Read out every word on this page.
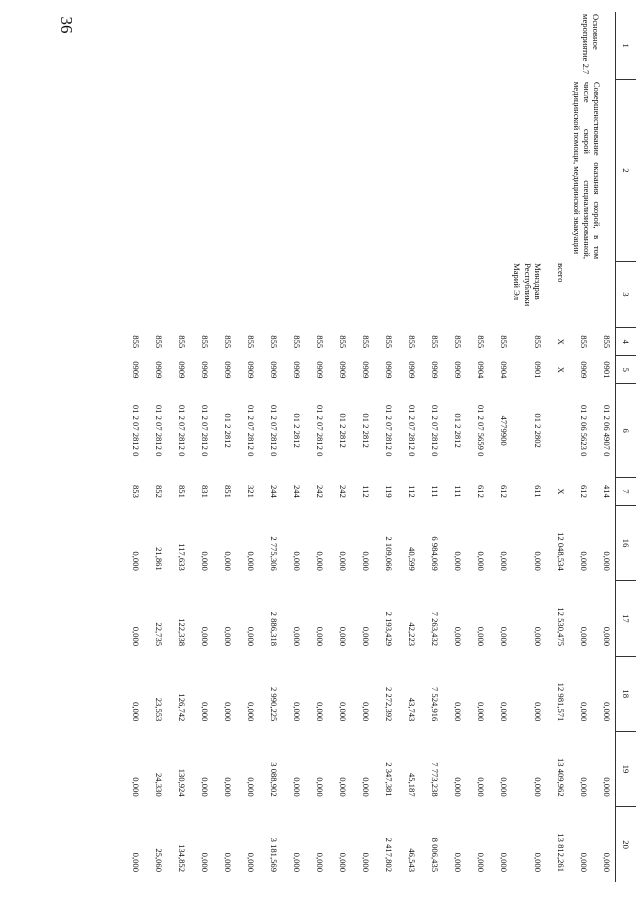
36
1	2	3	4	5	6	7	16	17	18	19	20
Основное мероприятие 2.7	Совершенствование оказания скорой, в том числе скорой специализированной, медицинской помощи, медицинской эвакуации		855	0901	01 2 06 4907 0	414	0,000	0,000	0,000	0,000	0,000
			855	0909	01 2 06 5623 0	612	0,000	0,000	0,000	0,000	0,000
		всего	Х	Х		Х	12 048,534	12 530,475	12 981,571	13 409,962	13 812,261
		Минздрав Республики Марий Эл	855	0901	01 2 2802	611	0,000	0,000	0,000	0,000	0,000
			855	0904	4779900	612	0,000	0,000	0,000	0,000	0,000
			855	0904	01 2 07 5659 0	612	0,000	0,000	0,000	0,000	0,000
			855	0909	01 2 2812	111	0,000	0,000	0,000	0,000	0,000
			855	0909	01 2 07 2812 0	111	6 984,069	7 263,432	7 524,916	7 773,238	8 006,435
			855	0909	01 2 07 2812 0	112	40,599	42,223	43,743	45,187	46,543
			855	0909	01 2 07 2812 0	119	2 109,066	2 193,429	2 272,392	2 347,381	2 417,802
			855	0909	01 2 2812	112	0,000	0,000	0,000	0,000	0,000
			855	0909	01 2 2812	242	0,000	0,000	0,000	0,000	0,000
			855	0909	01 2 07 2812 0	242	0,000	0,000	0,000	0,000	0,000
			855	0909	01 2 2812	244	0,000	0,000	0,000	0,000	0,000
			855	0909	01 2 07 2812 0	244	2 775,306	2 886,318	2 990,225	3 088,902	3 181,569
			855	0909	01 2 07 2812 0	321	0,000	0,000	0,000	0,000	0,000
			855	0909	01 2 2812	851	0,000	0,000	0,000	0,000	0,000
			855	0909	01 2 07 2812 0	831	0,000	0,000	0,000	0,000	0,000
			855	0909	01 2 07 2812 0	851	117,633	122,338	126,742	130,924	134,852
			855	0909	01 2 07 2812 0	852	21,861	22,735	23,553	24,330	25,060
			855	0909	01 2 07 2812 0	853	0,000	0,000	0,000	0,000	0,000
